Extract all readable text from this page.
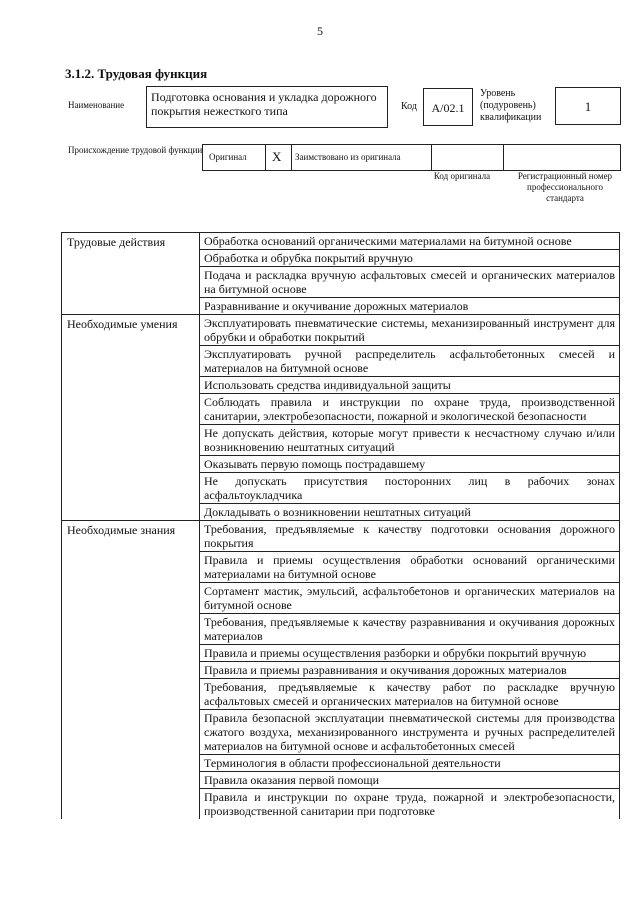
5
3.1.2. Трудовая функция
Наименование
Подготовка основания и укладка дорожного покрытия нежесткого типа	Код	А/02.1
Уровень (подуровень) квалификации
1
Происхождение трудовой функции
Оригинал X Заимствовано из оригинала
Код оригинала	Регистрационный номер профессионального стандарта
Трудовые действия	Обработка оснований органическими материалами на битумной основе
	Обработка и обрубка покрытий вручную
	Подача и раскладка вручную асфальтовых смесей и органических материалов на битумной основе
	Разравнивание и окучивание дорожных материалов
Необходимые умения	Эксплуатировать пневматические системы, механизированный инструмент для обрубки и обработки покрытий
	Эксплуатировать ручной распределитель асфальтобетонных смесей и материалов на битумной основе
	Использовать средства индивидуальной защиты
	Соблюдать правила и инструкции по охране труда, производственной санитарии, электробезопасности, пожарной и экологической безопасности
	Не допускать действия, которые могут привести к несчастному случаю и/или возникновению нештатных ситуаций
	Оказывать первую помощь пострадавшему
	Не допускать присутствия посторонних лиц в рабочих зонах асфальтоукладчика
	Докладывать о возникновении нештатных ситуаций
Необходимые знания	Требования, предъявляемые к качеству подготовки основания дорожного покрытия
	Правила и приемы осуществления обработки оснований органическими материалами на битумной основе
	Сортамент мастик, эмульсий, асфальтобетонов и органических материалов на битумной основе
	Требования, предъявляемые к качеству разравнивания и окучивания дорожных материалов
	Правила и приемы осуществления разборки и обрубки покрытий вручную
	Правила и приемы разравнивания и окучивания дорожных материалов
	Требования, предъявляемые к качеству работ по раскладке вручную асфальтовых смесей и органических материалов на битумной основе
	Правила безопасной эксплуатации пневматической системы для производства сжатого воздуха, механизированного инструмента и ручных распределителей материалов на битумной основе и асфальтобетонных смесей
	Терминология в области профессиональной деятельности
	Правила оказания первой помощи
	Правила и инструкции по охране труда, пожарной и электробезопасности, производственной санитарии при подготовке
